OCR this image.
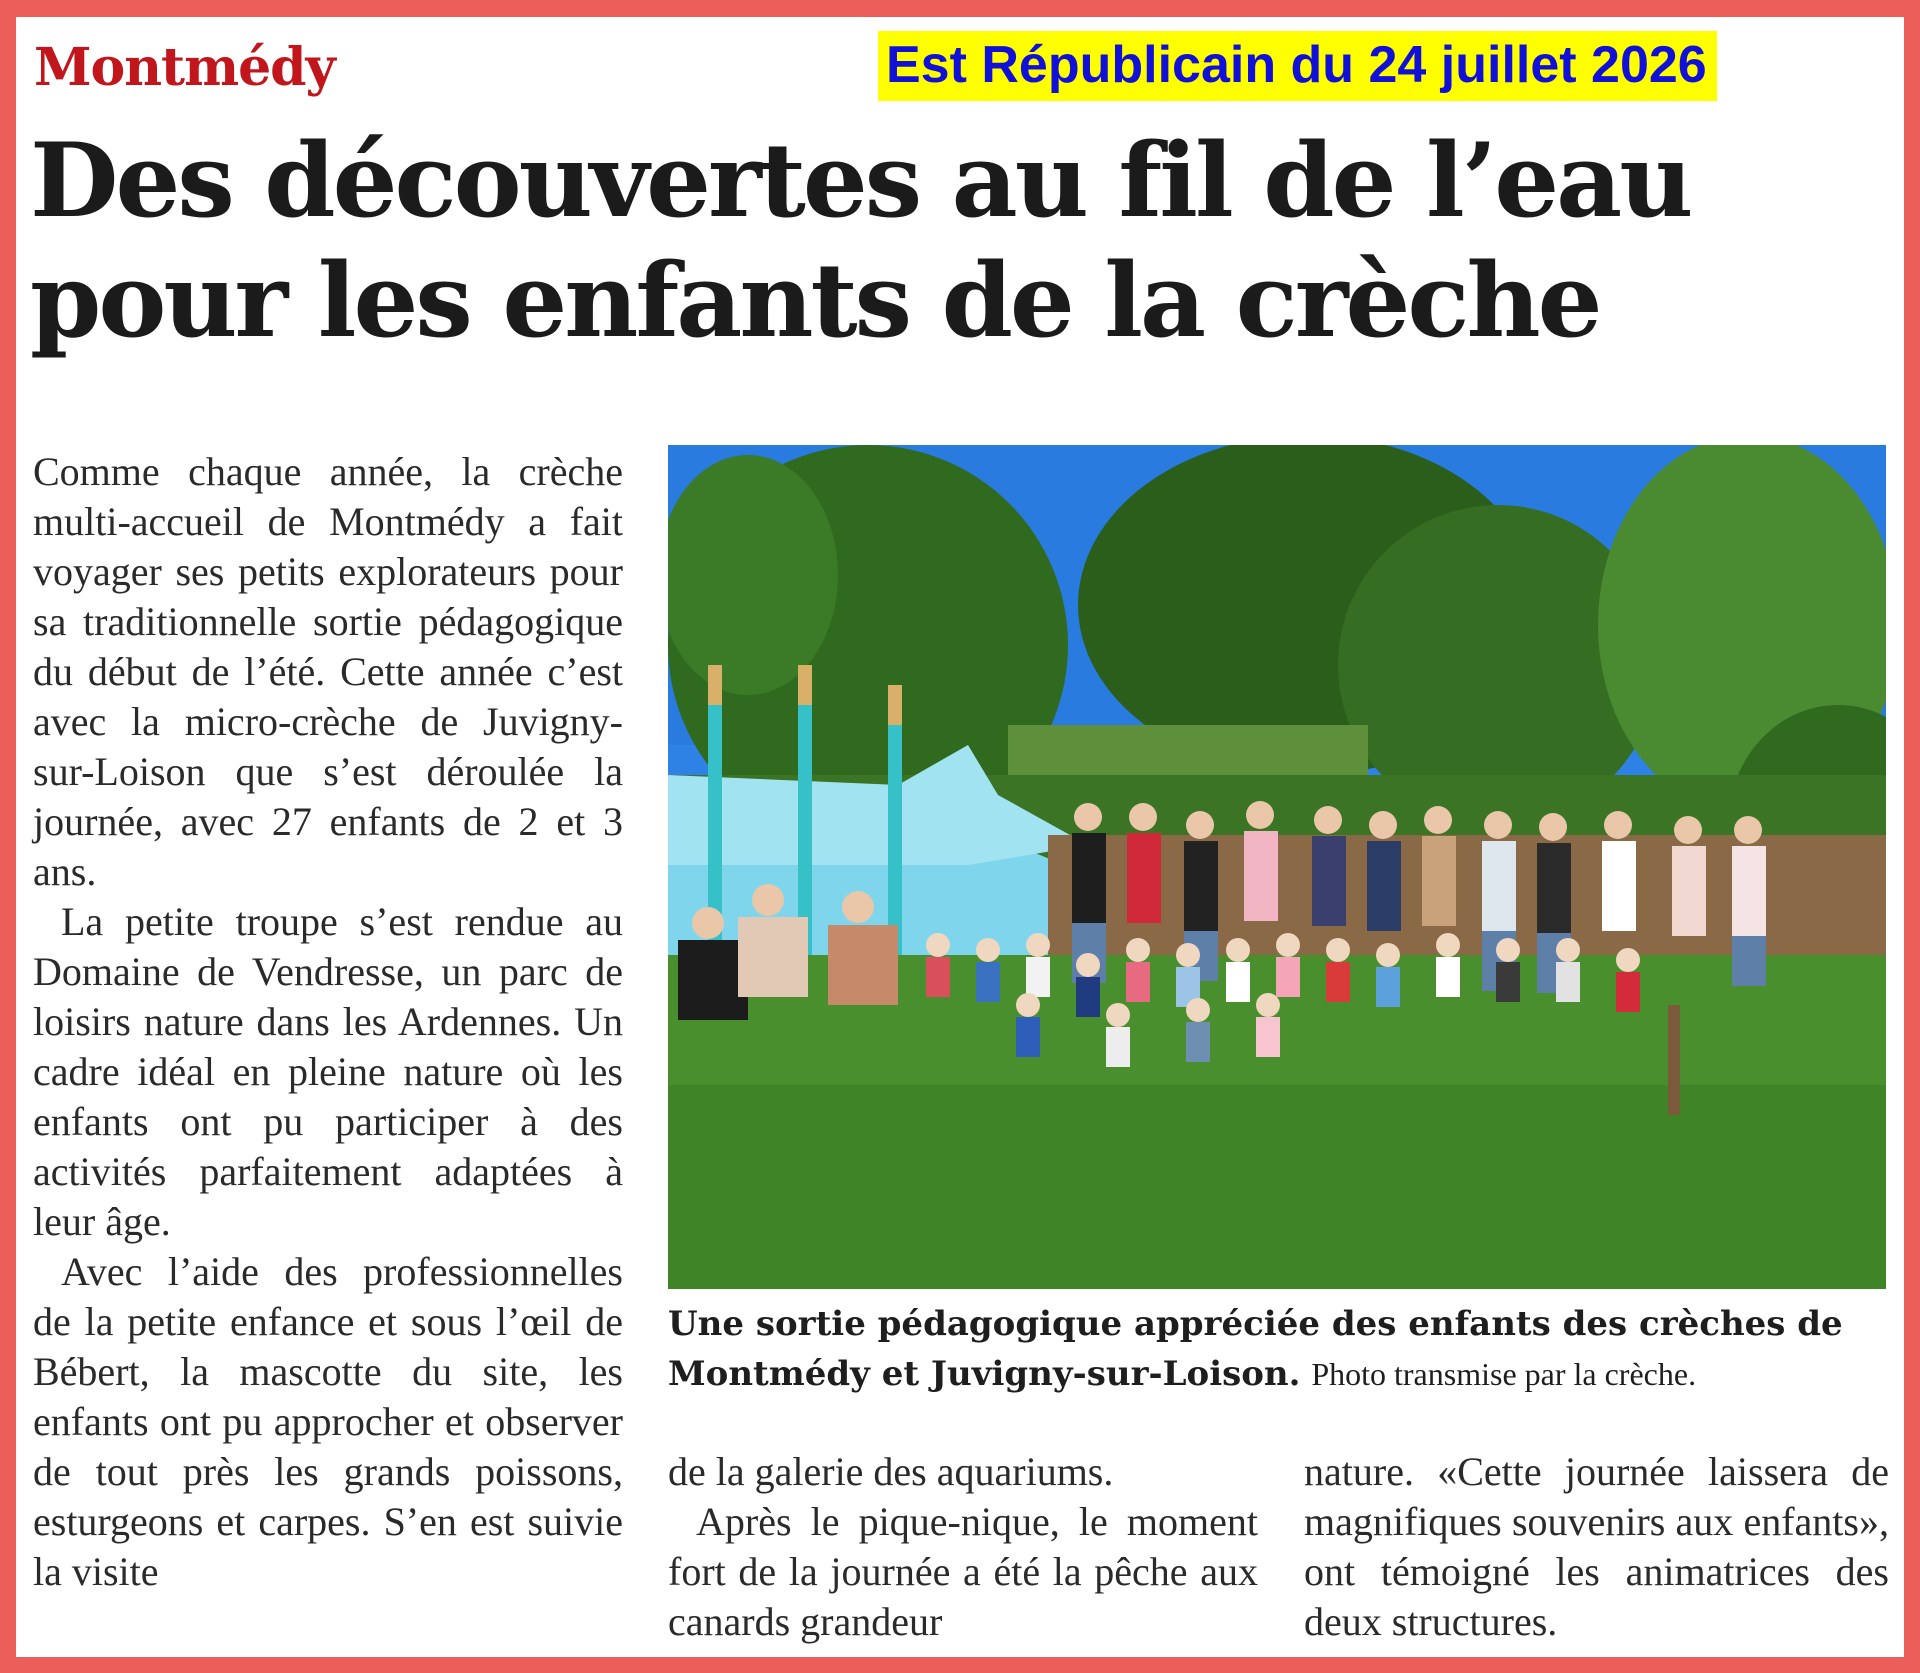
Montmédy	Est Républicain du 24 juillet 2026
Des découvertes au fil de l’eau
pour les enfants de la crèche

Comme chaque année, la crèche multi-accueil de Montmédy a fait voyager ses petits explorateurs pour sa traditionnelle sortie pédagogique du début de l’été. Cette année c’est avec la micro-crèche de Juvigny-sur-Loison que s’est déroulée la journée, avec 27 enfants de 2 et 3 ans.

La petite troupe s’est rendue au Domaine de Vendresse, un parc de loisirs nature dans les Ardennes. Un cadre idéal en pleine nature où les enfants ont pu participer à des activités parfaitement adaptées à leur âge.

Avec l’aide des professionnelles de la petite enfance et sous l’œil de Bébert, la mascotte du site, les enfants ont pu approcher et observer de tout près les grands poissons, esturgeons et carpes. S’en est suivie la visite

Une sortie pédagogique appréciée des enfants des crèches de Montmédy et Juvigny-sur-Loison. Photo transmise par la crèche.

de la galerie des aquariums.

Après le pique-nique, le moment fort de la journée a été la pêche aux canards grandeur

nature. «Cette journée laissera de magnifiques souvenirs aux enfants», ont témoigné les animatrices des deux structures.
